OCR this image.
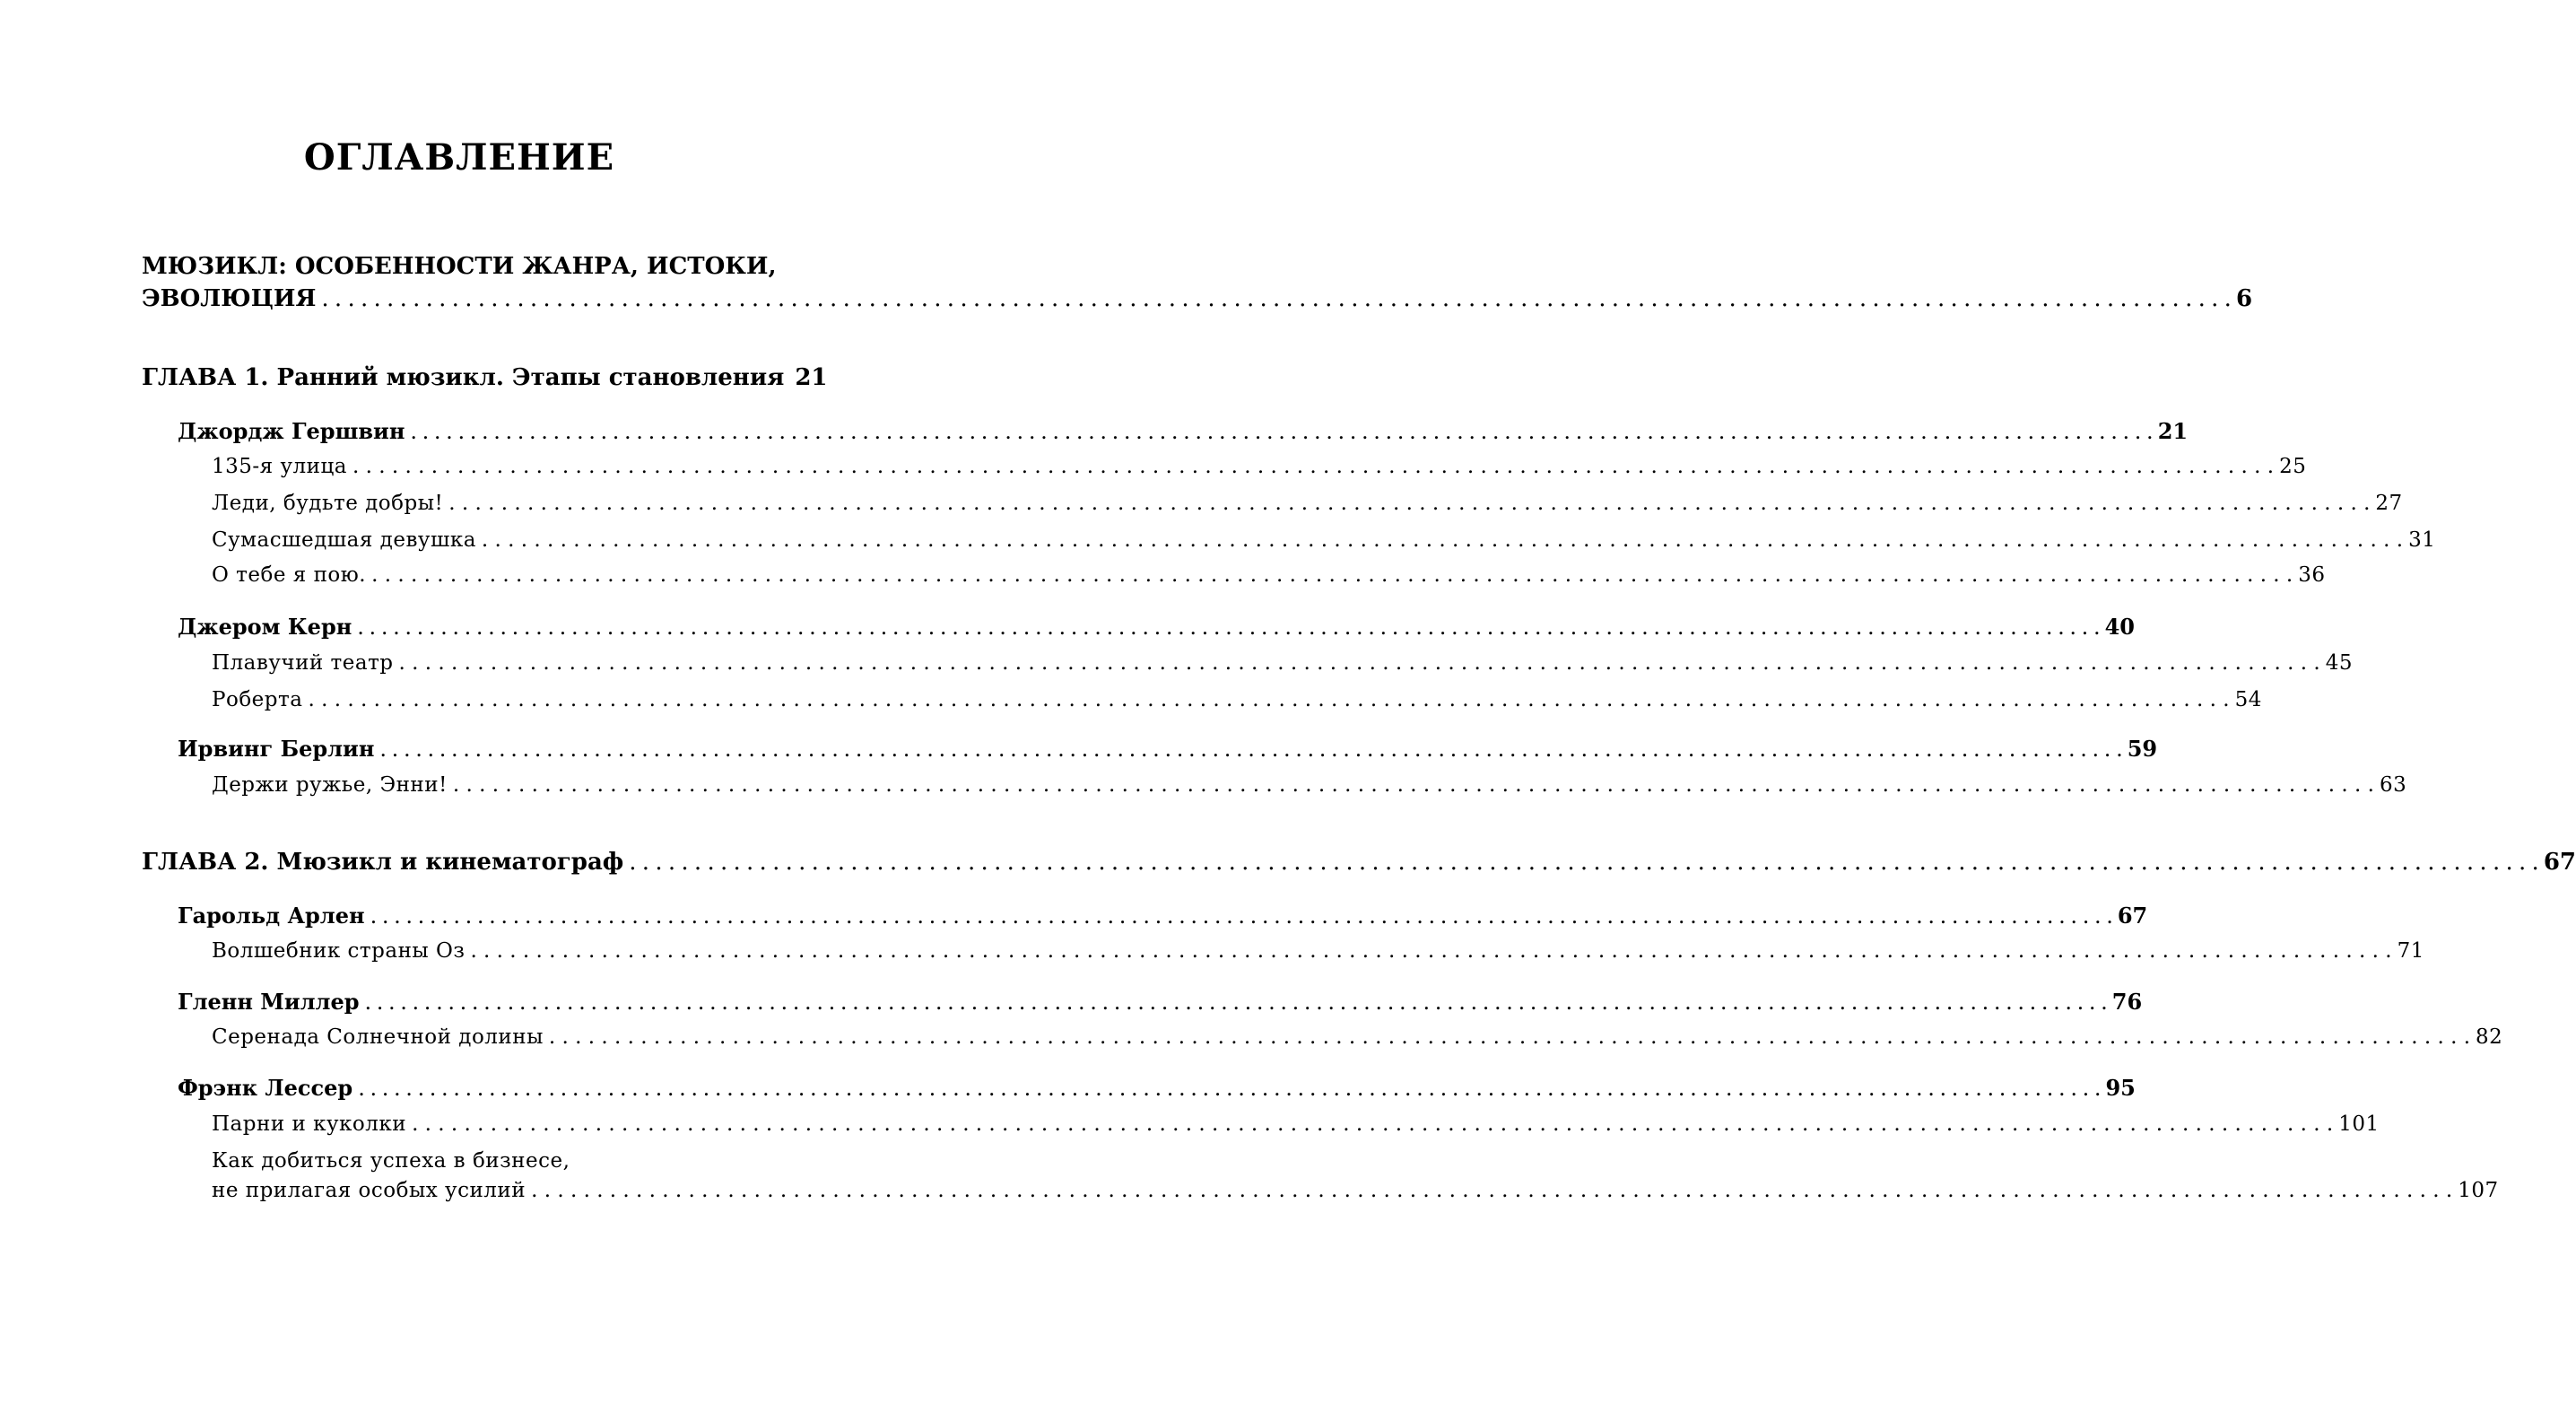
ОГЛАВЛЕНИЕ
МЮЗИКЛ: ОСОБЕННОСТИ ЖАНРА, ИСТОКИ,
ЭВОЛЮЦИЯ . . .	6
ГЛАВА 1. Ранний мюзикл. Этапы становления 21
Джордж Гершвин . . .	21
135-я улица . . .	25
Леди, будьте добры! . . .	27
Сумасшедшая девушка . . .	31
О тебе я пою. . . .	36
Джером Керн . . .	40
Плавучий театр . . .	45
Роберта . . .	54
Ирвинг Берлин . . .	59
Держи ружье, Энни! . . .	63
ГЛАВА 2. Мюзикл и кинематограф . . .	67
Гарольд Арлен . . .	67
Волшебник страны Оз . . .	71
Гленн Миллер . . .	76
Серенада Солнечной долины . . .	82
Фрэнк Лессер . . .	95
Парни и куколки . . .	101
Как добиться успеха в бизнесе,
не прилагая особых усилий . . .	107
